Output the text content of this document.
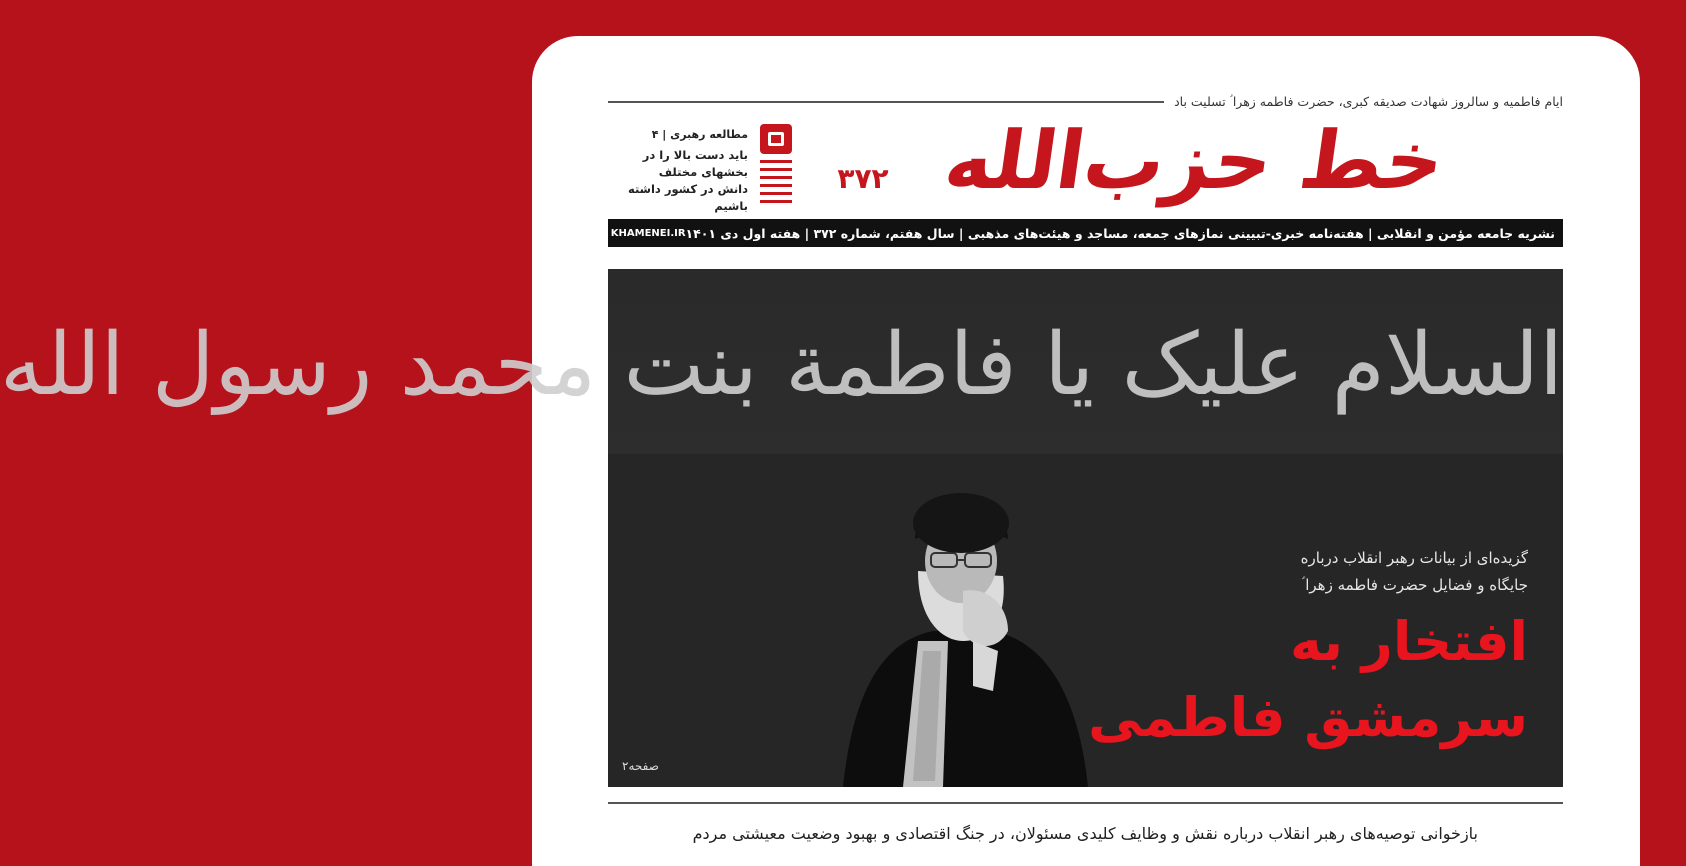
ایام فاطمیه و سالروز شهادت صدیقه کبری، حضرت فاطمه زهرا ؑ تسلیت باد
خط حزب‌الله
۳۷۲
مطالعه رهبری | ۴
باید دست بالا را در بخشهای مختلف
دانش در کشور داشته باشیم
نشریه جامعه مؤمن و انقلابی | هفته‌نامه خبری-تبیینی نمازهای جمعه، مساجد و هیئت‌های مذهبی | سال هفتم، شماره ۳۷۲ | هفته اول دی ۱۴۰۱
KHAMENEI.IR
السلام علیک یا فاطمة بنت محمد رسول الله
گزیده‌ای از بیانات رهبر انقلاب درباره
جایگاه و فضایل حضرت فاطمه زهرا ؑ
افتخار به
سرمشق فاطمی
صفحه۲
بازخوانی توصیه‌های رهبر انقلاب درباره نقش و وظایف کلیدی مسئولان، در جنگ اقتصادی و بهبود وضعیت معیشتی مردم
